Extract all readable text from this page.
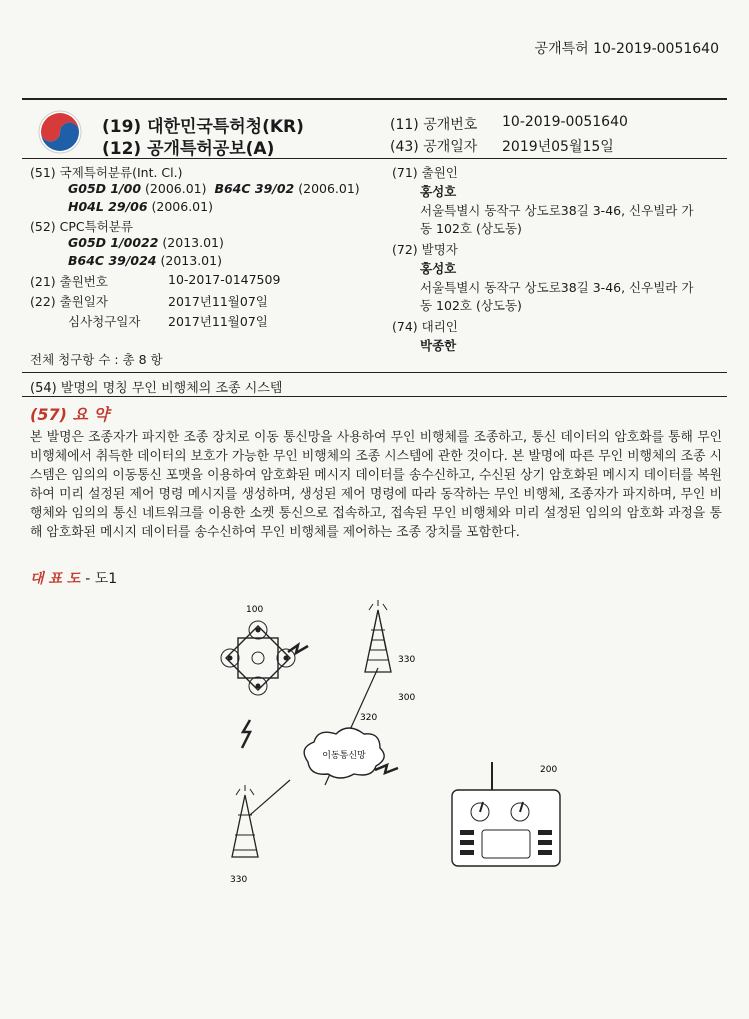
공개특허 10-2019-0051640
(19) 대한민국특허청(KR)
(12) 공개특허공보(A)
(11) 공개번호 10-2019-0051640
(43) 공개일자 2019년05월15일
(51) 국제특허분류(Int. Cl.)
G05D 1/00 (2006.01) B64C 39/02 (2006.01)
H04L 29/06 (2006.01)
(52) CPC특허분류
G05D 1/0022 (2013.01)
B64C 39/024 (2013.01)
(21) 출원번호	10-2017-0147509
(22) 출원일자	2017년11월07일
심사청구일자 2017년11월07일
전체 청구항 수 : 총 8 항
(71) 출원인
홍성호
서울특별시 동작구 상도로38길 3-46, 신우빌라 가
동 102호 (상도동)
(72) 발명자
홍성호
서울특별시 동작구 상도로38길 3-46, 신우빌라 가
동 102호 (상도동)
(74) 대리인
박종한
(54) 발명의 명칭 무인 비행체의 조종 시스템
(57) 요 약
본 발명은 조종자가 파지한 조종 장치로 이동 통신망을 사용하여 무인 비행체를 조종하고, 통신 데이터의 암호화를 통해 무인 비행체에서 취득한 데이터의 보호가 가능한 무인 비행체의 조종 시스템에 관한 것이다. 본 발명에 따른 무인 비행체의 조종 시스템은 임의의 이동통신 포맷을 이용하여 암호화된 메시지 데이터를 송수신하고, 수신된 상기 암호화된 메시지 데이터를 복원하여 미리 설정된 제어 명령 메시지를 생성하며, 생성된 제어 명령에 따라 동작하는 무인 비행체, 조종자가 파지하며, 무인 비행체와 임의의 통신 네트워크를 이용한 소켓 통신으로 접속하고, 접속된 무인 비행체와 미리 설정된 임의의 암호화 과정을 통해 암호화된 메시지 데이터를 송수신하여 무인 비행체를 제어하는 조종 장치를 포함한다.
대 표 도 - 도1
100
330
300
320
이동통신망
330
200
